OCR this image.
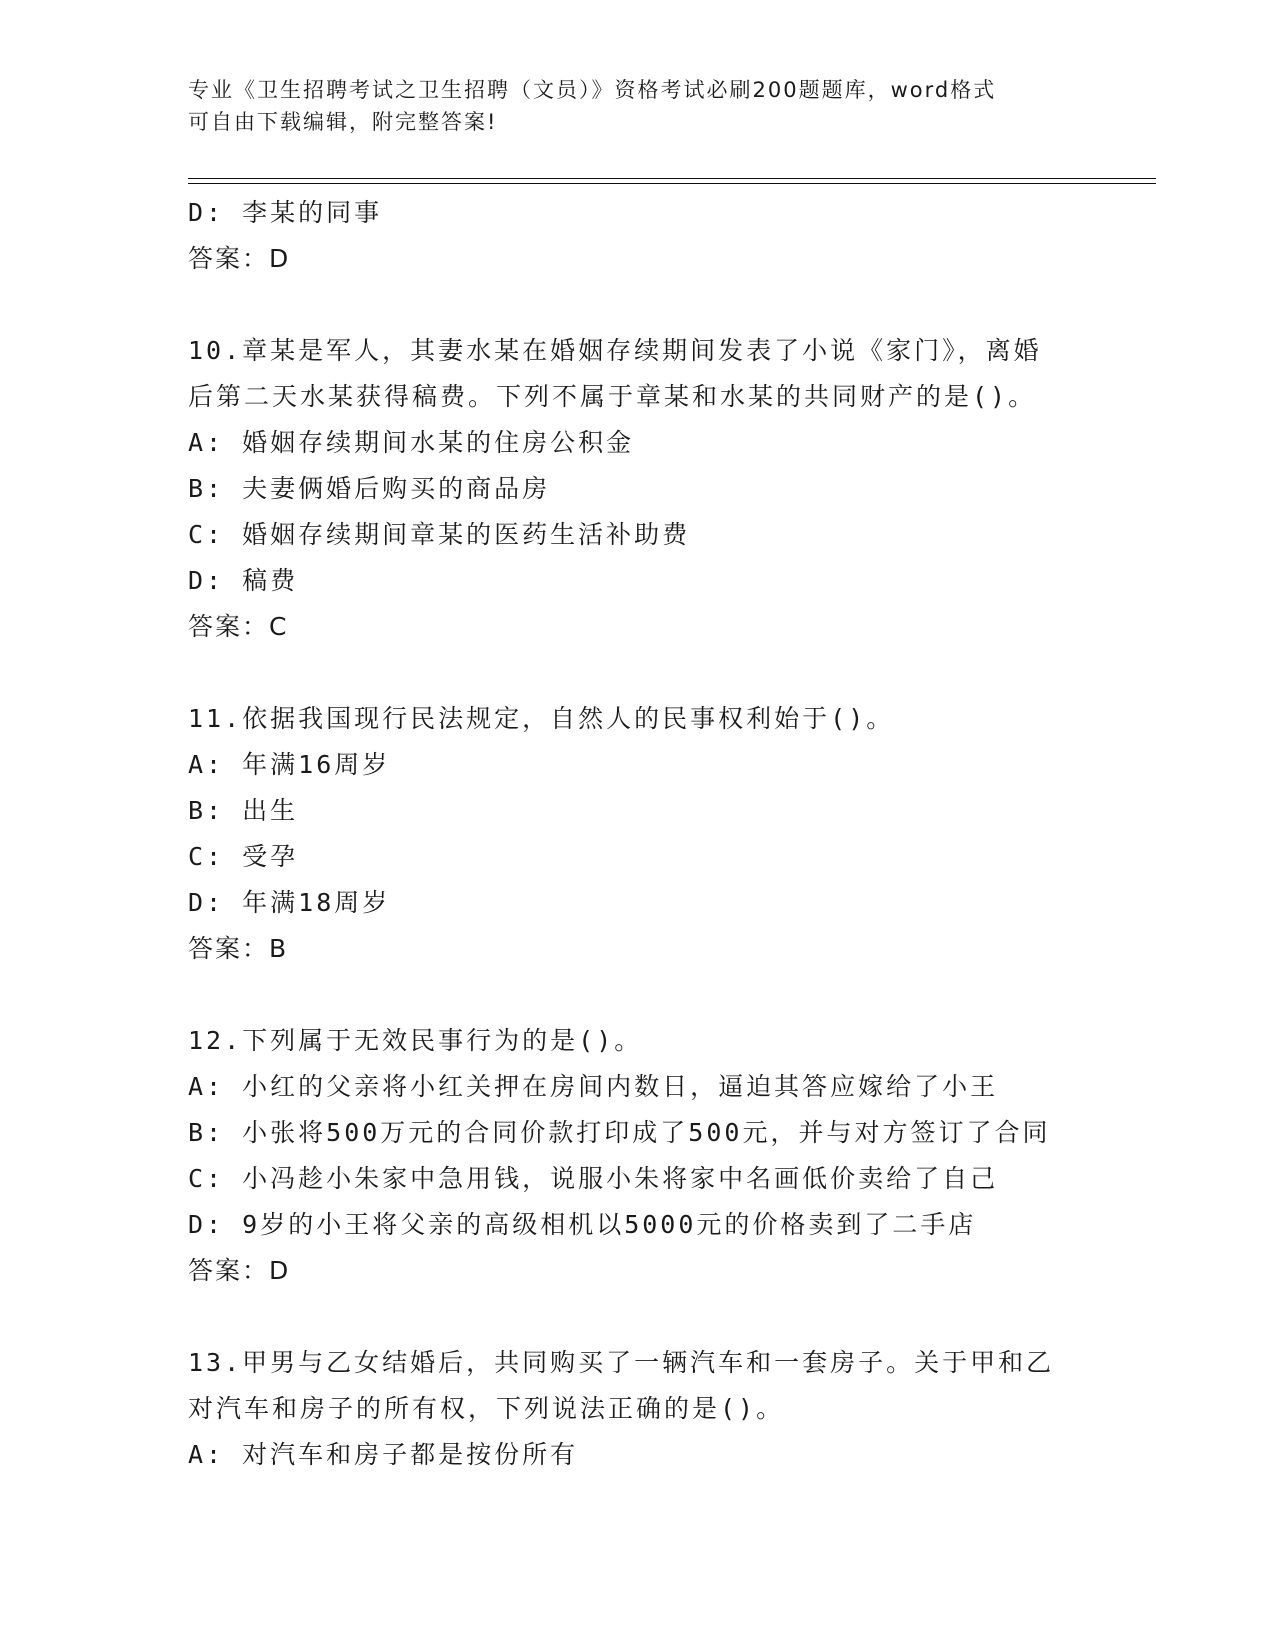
专业《卫生招聘考试之卫生招聘（文员）》资格考试必刷200题题库，word格式
可自由下载编辑，附完整答案!
D: 李某的同事
答案：D
10.章某是军人，其妻水某在婚姻存续期间发表了小说《家门》，离婚
后第二天水某获得稿费。下列不属于章某和水某的共同财产的是()。
A: 婚姻存续期间水某的住房公积金
B: 夫妻俩婚后购买的商品房
C: 婚姻存续期间章某的医药生活补助费
D: 稿费
答案：C
11.依据我国现行民法规定，自然人的民事权利始于()。
A: 年满16周岁
B: 出生
C: 受孕
D: 年满18周岁
答案：B
12.下列属于无效民事行为的是()。
A: 小红的父亲将小红关押在房间内数日，逼迫其答应嫁给了小王
B: 小张将500万元的合同价款打印成了500元，并与对方签订了合同
C: 小冯趁小朱家中急用钱，说服小朱将家中名画低价卖给了自己
D: 9岁的小王将父亲的高级相机以5000元的价格卖到了二手店
答案：D
13.甲男与乙女结婚后，共同购买了一辆汽车和一套房子。关于甲和乙
对汽车和房子的所有权，下列说法正确的是()。
A: 对汽车和房子都是按份所有
